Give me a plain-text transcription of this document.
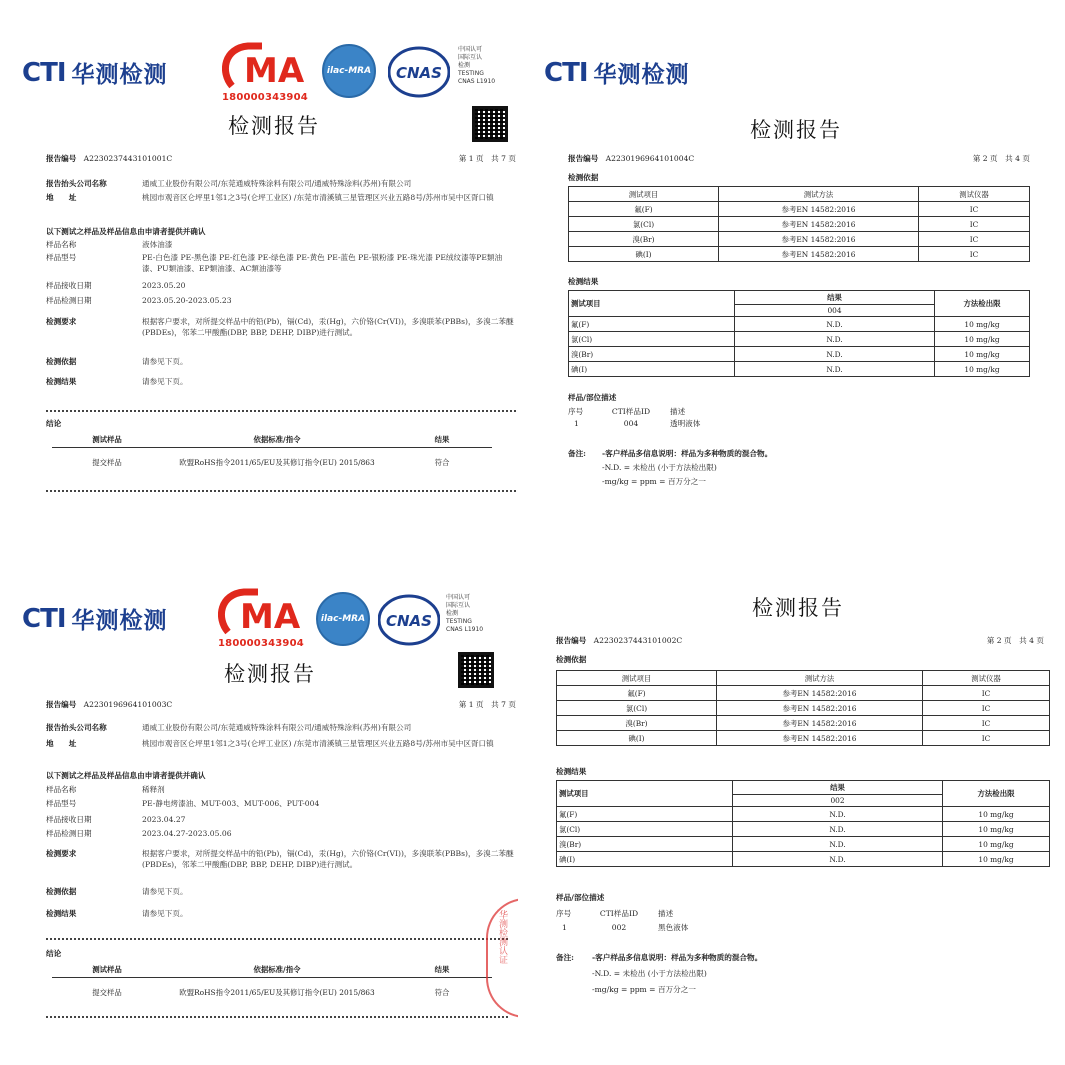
CTI 华测检测 MA
180000343904
ilac-MRA CNAS
中国认可
国际互认
检测
TESTING
CNAS L1910
检测报告
报告编号
A2230237443101001C	第 1 页　共 7 页
报告抬头公司名称	通威工业股份有限公司/东莞通威特殊涂料有限公司/通威特殊涂料(苏州)有限公司
地　　址	桃园市观音区仑坪里1邻1之3号(仑坪工业区) /东莞市清溪镇三星管理区兴业五路8号/苏州市吴中区胥口镇
以下测试之样品及样品信息由申请者提供并确认
样品名称	液体油漆
样品型号	PE-白色漆 PE-黑色漆 PE-红色漆 PE-绿色漆 PE-黄色 PE-蓝色 PE-银粉漆 PE-珠光漆 PE绒纹漆等PE類油漆、PU類油漆、EP類油漆、AC類油漆等
样品接收日期	2023.05.20
样品检测日期	2023.05.20-2023.05.23
检测要求	根据客户要求，对所提交样品中的铅(Pb)，镉(Cd)，汞(Hg)，六价铬(Cr(VI))，多溴联苯(PBBs)，多溴二苯醚(PBDEs)，邻苯二甲酸酯(DBP, BBP, DEHP, DIBP)进行测试。
检测依据	请参见下页。
检测结果	请参见下页。
结论
测试样品	依据标准/指令	结果
提交样品	欧盟RoHS指令2011/65/EU及其修订指令(EU) 2015/863	符合
CTI 华测检测
检测报告
报告编号
A2230196964101004C	第 2 页　共 4 页
检测依据
测试项目	测试方法	测试仪器
氟(F)	参考EN 14582:2016	IC
氯(Cl)	参考EN 14582:2016	IC
溴(Br)	参考EN 14582:2016	IC
碘(I)	参考EN 14582:2016	IC
检测结果
测试项目	结果	方法检出限
	004	
氟(F)	N.D.	10 mg/kg
氯(Cl)	N.D.	10 mg/kg
溴(Br)	N.D.	10 mg/kg
碘(I)	N.D.	10 mg/kg
样品/部位描述
序号	CTI样品ID	描述
1	004	透明液体
备注:	-客户样品多信息说明：样品为多种物质的混合物。
-N.D. = 未检出 (小于方法检出限)
-mg/kg = ppm = 百万分之一
CTI 华测检测 MA
180000343904
ilac-MRA CNAS
中国认可
国际互认
检测
TESTING
CNAS L1910
检测报告
报告编号
A2230196964101003C	第 1 页　共 7 页
报告抬头公司名称	通威工业股份有限公司/东莞通威特殊涂料有限公司/通威特殊涂料(苏州)有限公司
地　　址	桃园市观音区仑坪里1邻1之3号(仑坪工业区) /东莞市清溪镇三星管理区兴业五路8号/苏州市吴中区胥口镇
以下测试之样品及样品信息由申请者提供并确认
样品名称	稀释剂
样品型号	PE-静电烤漆油、MUT-003、MUT-006、PUT-004
样品接收日期	2023.04.27
样品检测日期	2023.04.27-2023.05.06
检测要求	根据客户要求，对所提交样品中的铅(Pb)，镉(Cd)，汞(Hg)，六价铬(Cr(VI))，多溴联苯(PBBs)，多溴二苯醚(PBDEs)，邻苯二甲酸酯(DBP, BBP, DEHP, DIBP)进行测试。
检测依据	请参见下页。
检测结果	请参见下页。
结论
测试样品	依据标准/指令	结果
提交样品	欧盟RoHS指令2011/65/EU及其修订指令(EU) 2015/863	符合
华测检测认证
检测报告
报告编号
A2230237443101002C	第 2 页　共 4 页
检测依据
测试项目	测试方法	测试仪器
氟(F)	参考EN 14582:2016	IC
氯(Cl)	参考EN 14582:2016	IC
溴(Br)	参考EN 14582:2016	IC
碘(I)	参考EN 14582:2016	IC
检测结果
测试项目	结果	方法检出限
	002	
氟(F)	N.D.	10 mg/kg
氯(Cl)	N.D.	10 mg/kg
溴(Br)	N.D.	10 mg/kg
碘(I)	N.D.	10 mg/kg
样品/部位描述
序号	CTI样品ID	描述
1	002	黑色液体
备注:	-客户样品多信息说明：样品为多种物质的混合物。
-N.D. = 未检出 (小于方法检出限)
-mg/kg = ppm = 百万分之一
